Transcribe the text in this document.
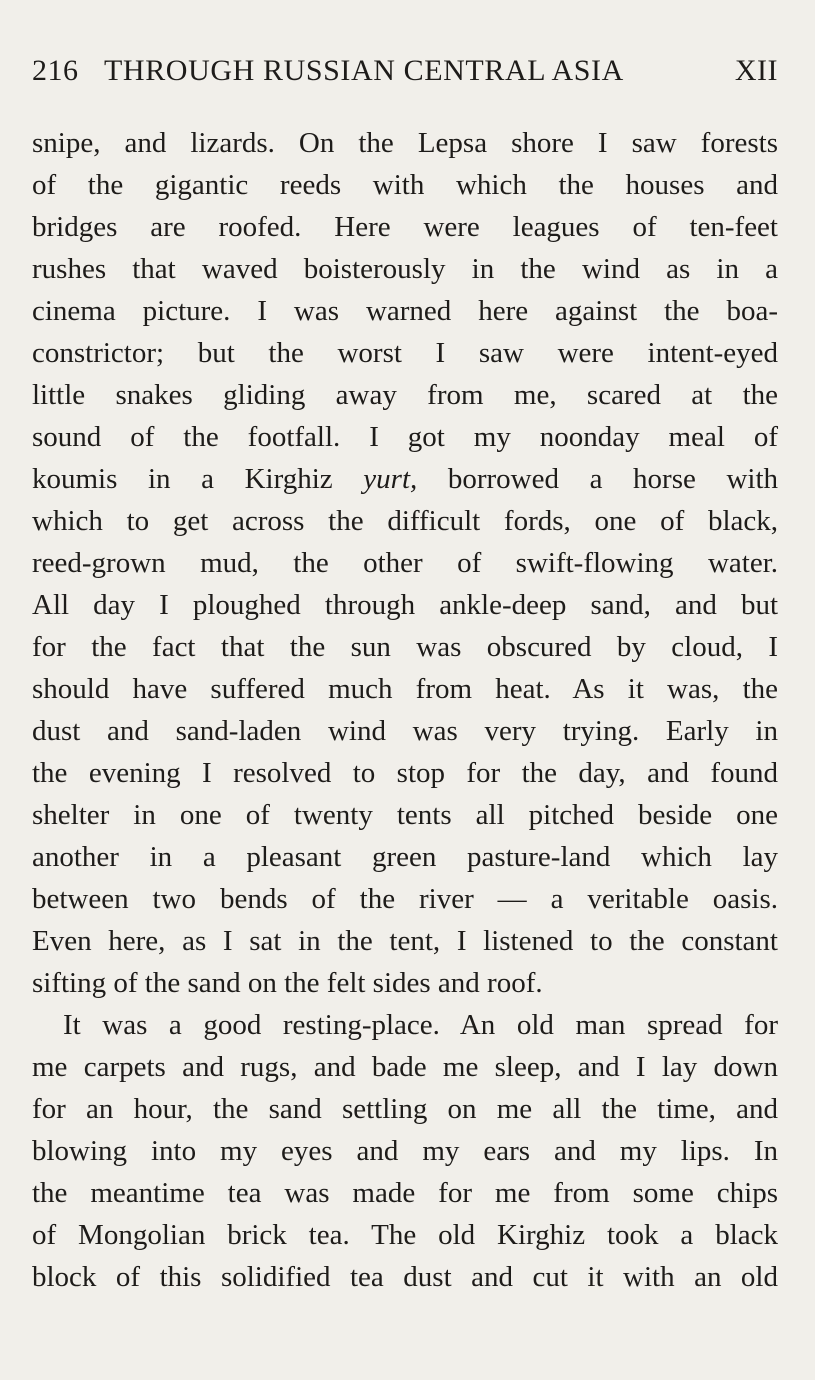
216 THROUGH RUSSIAN CENTRAL ASIA	XII
snipe, and lizards. On the Lepsa shore I saw forests
of the gigantic reeds with which the houses and
bridges are roofed. Here were leagues of ten-feet
rushes that waved boisterously in the wind as in a
cinema picture. I was warned here against the boa-
constrictor; but the worst I saw were intent-eyed
little snakes gliding away from me, scared at the
sound of the footfall. I got my noonday meal of
koumis in a Kirghiz yurt, borrowed a horse with
which to get across the difficult fords, one of black,
reed-grown mud, the other of swift-flowing water.
All day I ploughed through ankle-deep sand, and but
for the fact that the sun was obscured by cloud, I
should have suffered much from heat. As it was, the
dust and sand-laden wind was very trying. Early in
the evening I resolved to stop for the day, and found
shelter in one of twenty tents all pitched beside one
another in a pleasant green pasture-land which lay
between two bends of the river — a veritable oasis.
Even here, as I sat in the tent, I listened to the constant
sifting of the sand on the felt sides and roof.
It was a good resting-place. An old man spread for
me carpets and rugs, and bade me sleep, and I lay down
for an hour, the sand settling on me all the time, and
blowing into my eyes and my ears and my lips. In
the meantime tea was made for me from some chips
of Mongolian brick tea. The old Kirghiz took a black
block of this solidified tea dust and cut it with an old
